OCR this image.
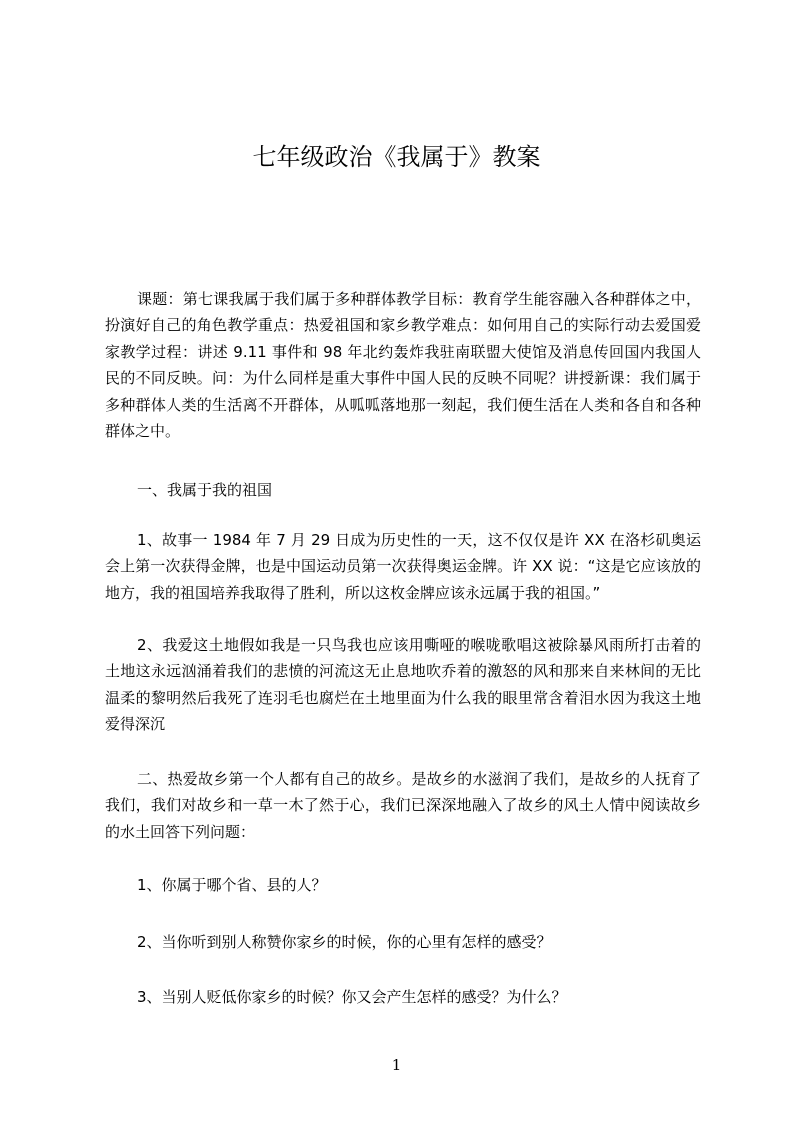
七年级政治《我属于》教案
课题：第七课我属于我们属于多种群体教学目标：教育学生能容融入各种群体之中，扮演好自己的角色教学重点：热爱祖国和家乡教学难点：如何用自己的实际行动去爱国爱家教学过程：讲述 9.11 事件和 98 年北约轰炸我驻南联盟大使馆及消息传回国内我国人民的不同反映。问：为什么同样是重大事件中国人民的反映不同呢？讲授新课：我们属于多种群体人类的生活离不开群体，从呱呱落地那一刻起，我们便生活在人类和各自和各种群体之中。
一、我属于我的祖国
1、故事一 1984 年 7 月 29 日成为历史性的一天，这不仅仅是许 XX 在洛杉矶奥运会上第一次获得金牌，也是中国运动员第一次获得奥运金牌。许 XX 说：“这是它应该放的地方，我的祖国培养我取得了胜利，所以这枚金牌应该永远属于我的祖国。”
2、我爱这土地假如我是一只鸟我也应该用嘶哑的喉咙歌唱这被除暴风雨所打击着的土地这永远汹涌着我们的悲愤的河流这无止息地吹乔着的激怒的风和那来自来林间的无比温柔的黎明然后我死了连羽毛也腐烂在土地里面为什么我的眼里常含着泪水因为我这土地爱得深沉
二、热爱故乡第一个人都有自己的故乡。是故乡的水滋润了我们，是故乡的人抚育了我们，我们对故乡和一草一木了然于心，我们已深深地融入了故乡的风土人情中阅读故乡的水土回答下列问题：
1、你属于哪个省、县的人？
2、当你听到别人称赞你家乡的时候，你的心里有怎样的感受？
3、当别人贬低你家乡的时候？你又会产生怎样的感受？为什么？
1
